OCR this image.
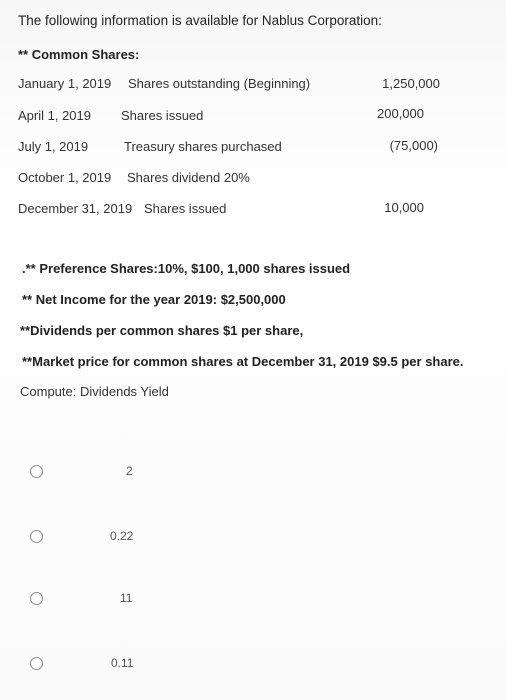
The following information is available for Nablus Corporation:
** Common Shares:
January 1, 2019 Shares outstanding (Beginning)	1,250,000
April 1, 2019 Shares issued	200,000
July 1, 2019	Treasury shares purchased	(75,000)
October 1, 2019 Shares dividend 20%
December 31, 2019 Shares issued	10,000
.** Preference Shares:10%, $100, 1,000 shares issued
** Net Income for the year 2019: $2,500,000
**Dividends per common shares $1 per share,
**Market price for common shares at December 31, 2019 $9.5 per share.
Compute: Dividends Yield
2
0.22
11
0.11
